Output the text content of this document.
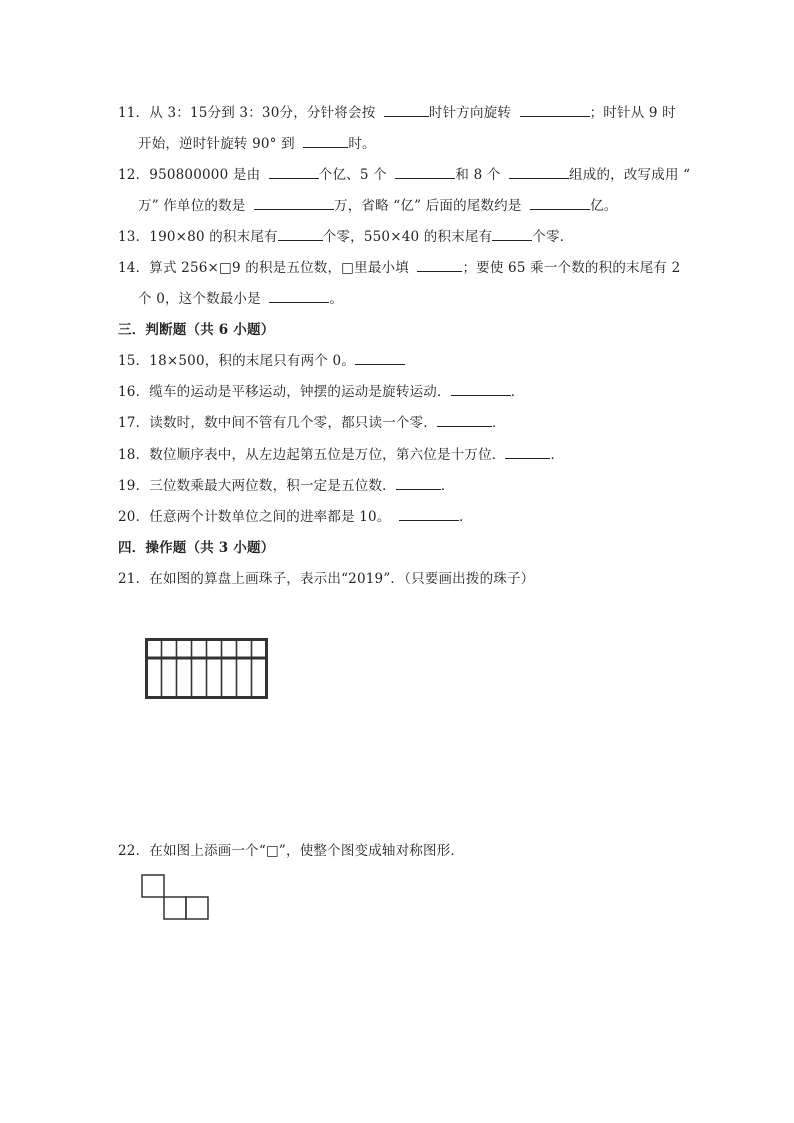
11．从 3：15分到 3：30分，分针将会按	时针方向旋转	；时针从 9 时
开始，逆时针旋转 90° 到	时。
12．950800000 是由	个亿、5 个	和 8 个	组成的，改写成用 “
万” 作单位的数是	万，省略 “亿” 后面的尾数约是	亿。
13．190×80 的积末尾有	个零，550×40 的积末尾有	个零．
14．算式 256×□9 的积是五位数，□里最小填	；要使 65 乘一个数的积的末尾有 2
个 0，这个数最小是	。
三．判断题（共 6 小题）
15．18×500，积的末尾只有两个 0。
16．缆车的运动是平移运动，钟摆的运动是旋转运动．	．
17．读数时，数中间不管有几个零，都只读一个零．	．
18．数位顺序表中，从左边起第五位是万位，第六位是十万位．	．
19．三位数乘最大两位数，积一定是五位数．	．
20．任意两个计数单位之间的进率都是 10。	．
四．操作题（共 3 小题）
21．在如图的算盘上画珠子，表示出“2019”．（只要画出拨的珠子）
22．在如图上添画一个“□”，使整个图变成轴对称图形．
